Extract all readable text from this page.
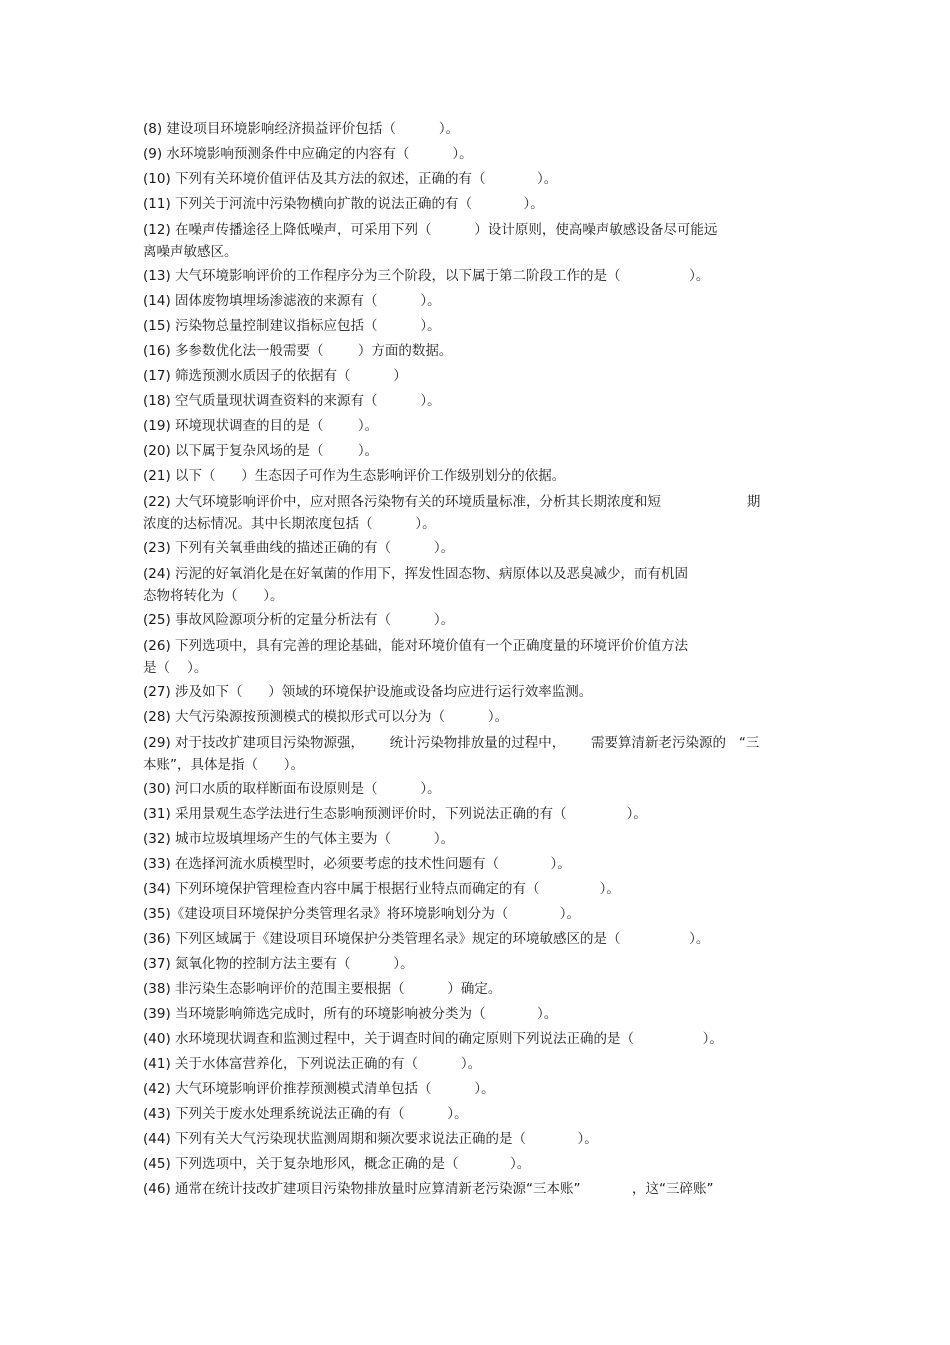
(8) 建设项目环境影响经济损益评价包括（          ）。

(9) 水环境影响预测条件中应确定的内容有（          ）。

(10) 下列有关环境价值评估及其方法的叙述，正确的有（            ）。

(11) 下列关于河流中污染物横向扩散的说法正确的有（            ）。

(12) 在噪声传播途径上降低噪声，可采用下列（          ）设计原则，使高噪声敏感设备尽可能远
离噪声敏感区。

(13) 大气环境影响评价的工作程序分为三个阶段，以下属于第二阶段工作的是（                ）。

(14) 固体废物填埋场渗滤液的来源有（          ）。

(15) 污染物总量控制建议指标应包括（          ）。

(16) 多参数优化法一般需要（        ）方面的数据。

(17) 筛选预测水质因子的依据有（          ）

(18) 空气质量现状调查资料的来源有（          ）。

(19) 环境现状调查的目的是（        ）。

(20) 以下属于复杂风场的是（        ）。

(21) 以下（      ）生态因子可作为生态影响评价工作级别划分的依据。

(22) 大气环境影响评价中，应对照各污染物有关的环境质量标准，分析其长期浓度和短                    期
浓度的达标情况。其中长期浓度包括（          ）。

(23) 下列有关氧垂曲线的描述正确的有（          ）。

(24) 污泥的好氧消化是在好氧菌的作用下，挥发性固态物、病原体以及恶臭减少，而有机固
态物将转化为（      ）。

(25) 事故风险源项分析的定量分析法有（          ）。

(26) 下列选项中，具有完善的理论基础，能对环境价值有一个正确度量的环境评价价值方法
是（    ）。

(27) 涉及如下（      ）领域的环境保护设施或设备均应进行运行效率监测。

(28) 大气污染源按预测模式的模拟形式可以分为（          ）。

(29) 对于技改扩建项目污染物源强，      统计污染物排放量的过程中，      需要算清新老污染源的   “三
本账”，具体是指（      ）。

(30) 河口水质的取样断面布设原则是（          ）。

(31) 采用景观生态学法进行生态影响预测评价时，下列说法正确的有（              ）。

(32) 城市垃圾填埋场产生的气体主要为（          ）。

(33) 在选择河流水质模型时，必须要考虑的技术性问题有（            ）。

(34) 下列环境保护管理检查内容中属于根据行业特点而确定的有（              ）。

(35)《建设项目环境保护分类管理名录》将环境影响划分为（            ）。

(36) 下列区域属于《建设项目环境保护分类管理名录》规定的环境敏感区的是（                ）。

(37) 氮氧化物的控制方法主要有（          ）。

(38) 非污染生态影响评价的范围主要根据（          ）确定。

(39) 当环境影响筛选完成时，所有的环境影响被分类为（            ）。

(40) 水环境现状调查和监测过程中，关于调查时间的确定原则下列说法正确的是（                ）。

(41) 关于水体富营养化，下列说法正确的有（          ）。

(42) 大气环境影响评价推荐预测模式清单包括（          ）。

(43) 下列关于废水处理系统说法正确的有（          ）。

(44) 下列有关大气污染现状监测周期和频次要求说法正确的是（            ）。

(45) 下列选项中，关于复杂地形风，概念正确的是（            ）。

(46) 通常在统计技改扩建项目污染物排放量时应算清新老污染源“三本账”            ，这“三碎账”
